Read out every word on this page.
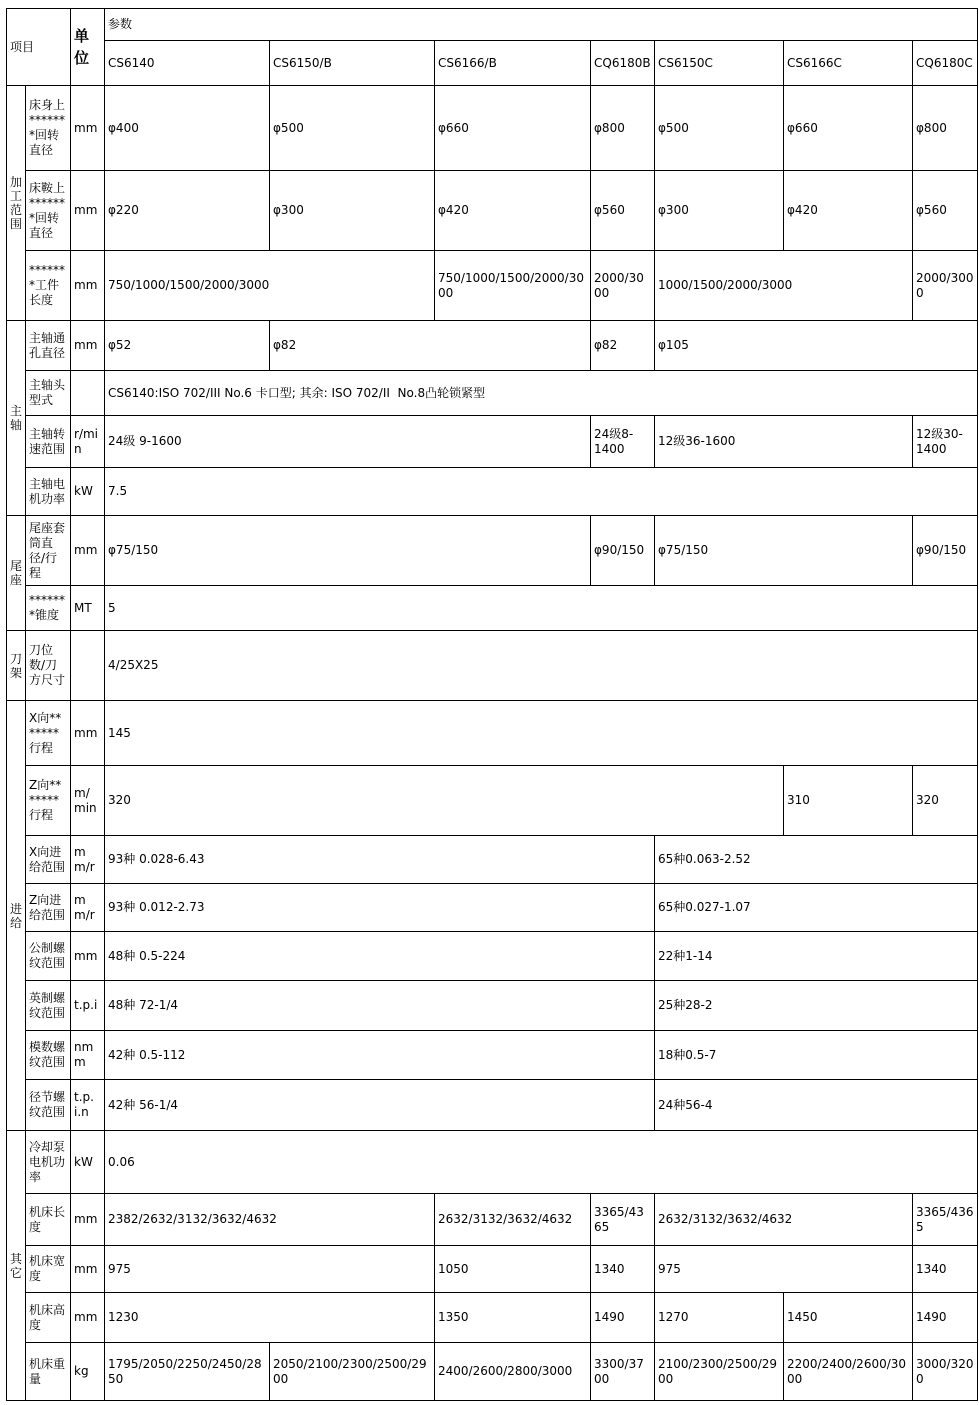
项目		单位	参数						
			CS6140	CS6150/B	CS6166/B	CQ6180B	CS6150C	CS6166C	CQ6180C
加工范围	床身上*******回转直径	mm	φ400	φ500	φ660	φ800	φ500	φ660	φ800
	床鞍上*******回转直径	mm	φ220	φ300	φ420	φ560	φ300	φ420	φ560
	*******工件长度	mm	750/1000/1500/2000/3000		750/1000/1500/2000/3000	2000/3000	1000/1500/2000/3000		2000/3000
主轴	主轴通孔直径	mm	φ52	φ82		φ82	φ105		
	主轴头型式		CS6140:ISO 702/III No.6 卡口型; 其余: ISO 702/II  No.8凸轮锁紧型						
	主轴转速范围	r/min	24级 9-1600			24级8-1400	12级36-1600		12级30-1400
	主轴电机功率	kW	7.5						
尾座	尾座套筒直径/行程	mm	φ75/150			φ90/150	φ75/150		φ90/150
	*******锥度	MT	5						
刀架	刀位数/刀方尺寸		4/25X25						
进给	X向*******行程	mm	145						
	Z向*******行程	m/min	320					310	320
	X向进给范围	mm/r	93种 0.028-6.43				65种0.063-2.52		
	Z向进给范围	mm/r	93种 0.012-2.73				65种0.027-1.07		
	公制螺纹范围	mm	48种 0.5-224				22种1-14		
	英制螺纹范围	t.p.i	48种 72-1/4				25种28-2		
	模数螺纹范围	nmm	42种 0.5-112				18种0.5-7		
	径节螺纹范围	t.p.i.n	42种 56-1/4				24种56-4		
其它	冷却泵电机功率	kW	0.06						
	机床长度	mm	2382/2632/3132/3632/4632		2632/3132/3632/4632	3365/4365	2632/3132/3632/4632		3365/4365
	机床宽度	mm	975		1050	1340	975		1340
	机床高度	mm	1230		1350	1490	1270	1450	1490
	机床重量	kg	1795/2050/2250/2450/2850	2050/2100/2300/2500/2900	2400/2600/2800/3000	3300/3700	2100/2300/2500/2900	2200/2400/2600/3000	3000/3200
